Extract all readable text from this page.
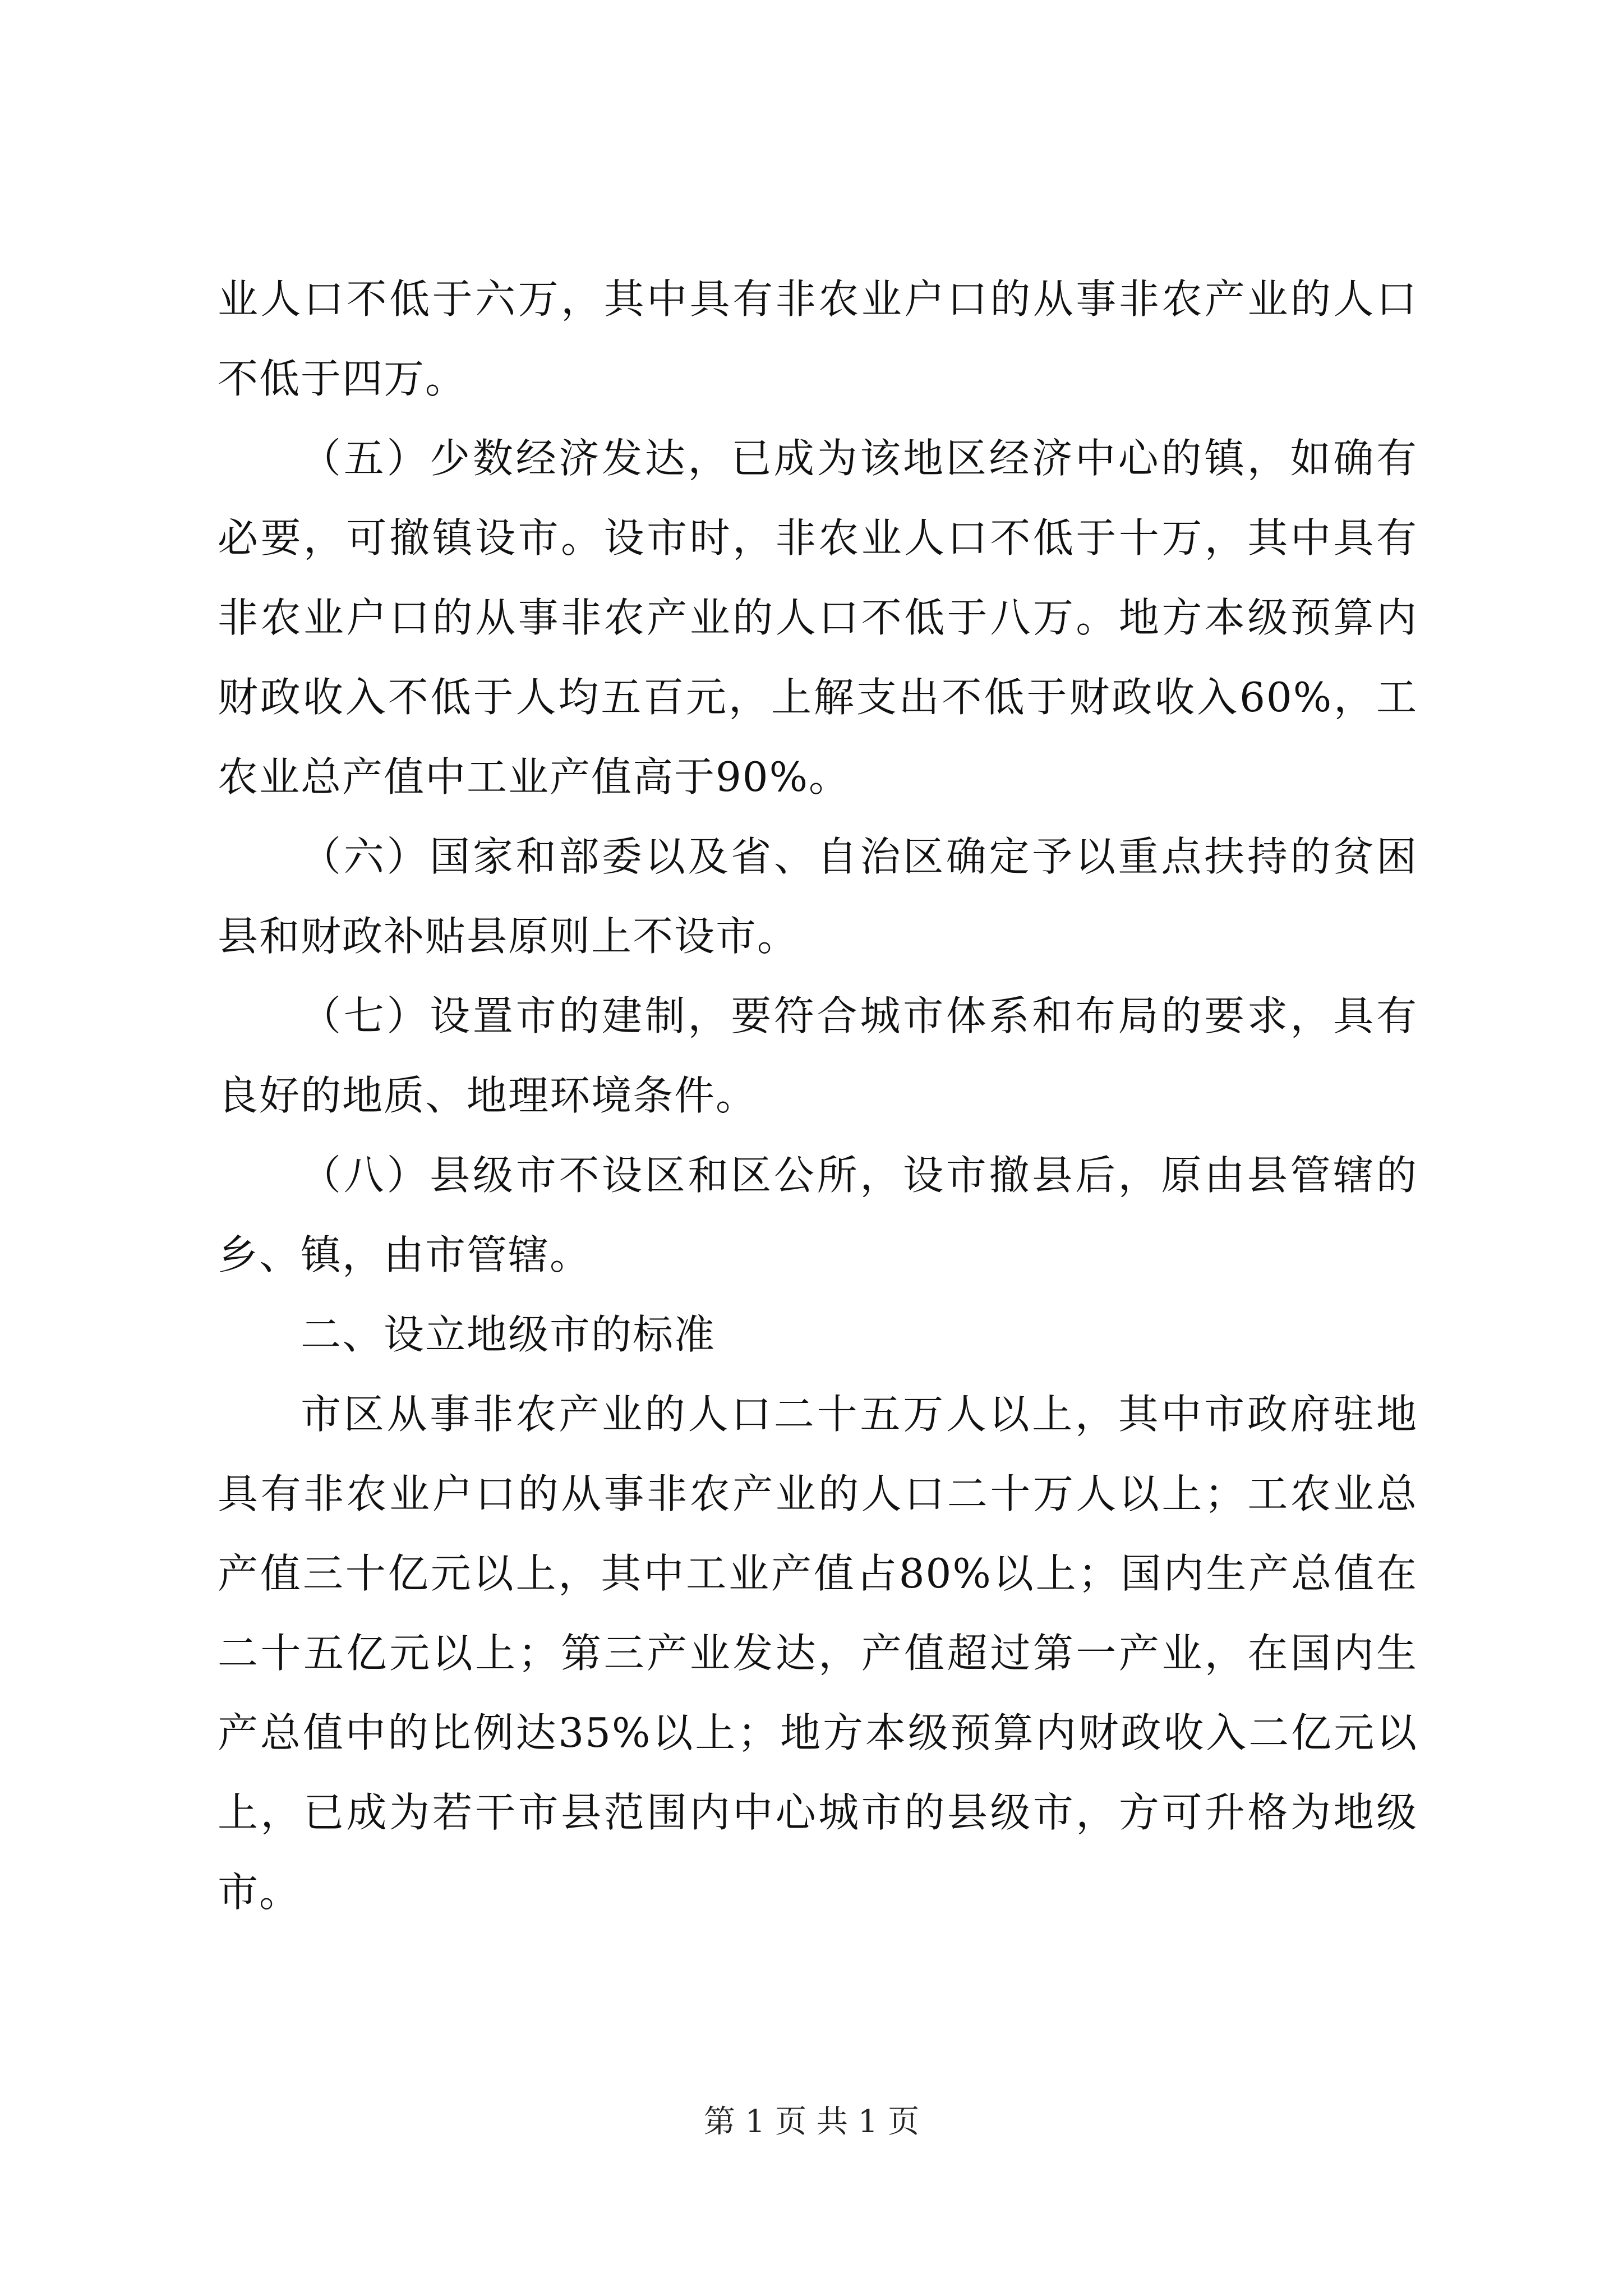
业人口不低于六万，其中具有非农业户口的从事非农产业的人口不低于四万。

（五）少数经济发达，已成为该地区经济中心的镇，如确有必要，可撤镇设市。设市时，非农业人口不低于十万，其中具有非农业户口的从事非农产业的人口不低于八万。地方本级预算内财政收入不低于人均五百元，上解支出不低于财政收入60%，工农业总产值中工业产值高于90%。

（六）国家和部委以及省、自治区确定予以重点扶持的贫困县和财政补贴县原则上不设市。

（七）设置市的建制，要符合城市体系和布局的要求，具有良好的地质、地理环境条件。

（八）县级市不设区和区公所，设市撤县后，原由县管辖的乡、镇，由市管辖。

二、设立地级市的标准

市区从事非农产业的人口二十五万人以上，其中市政府驻地具有非农业户口的从事非农产业的人口二十万人以上；工农业总产值三十亿元以上，其中工业产值占80%以上；国内生产总值在二十五亿元以上；第三产业发达，产值超过第一产业，在国内生产总值中的比例达35%以上；地方本级预算内财政收入二亿元以上，已成为若干市县范围内中心城市的县级市，方可升格为地级市。

第 1 页 共 1 页
